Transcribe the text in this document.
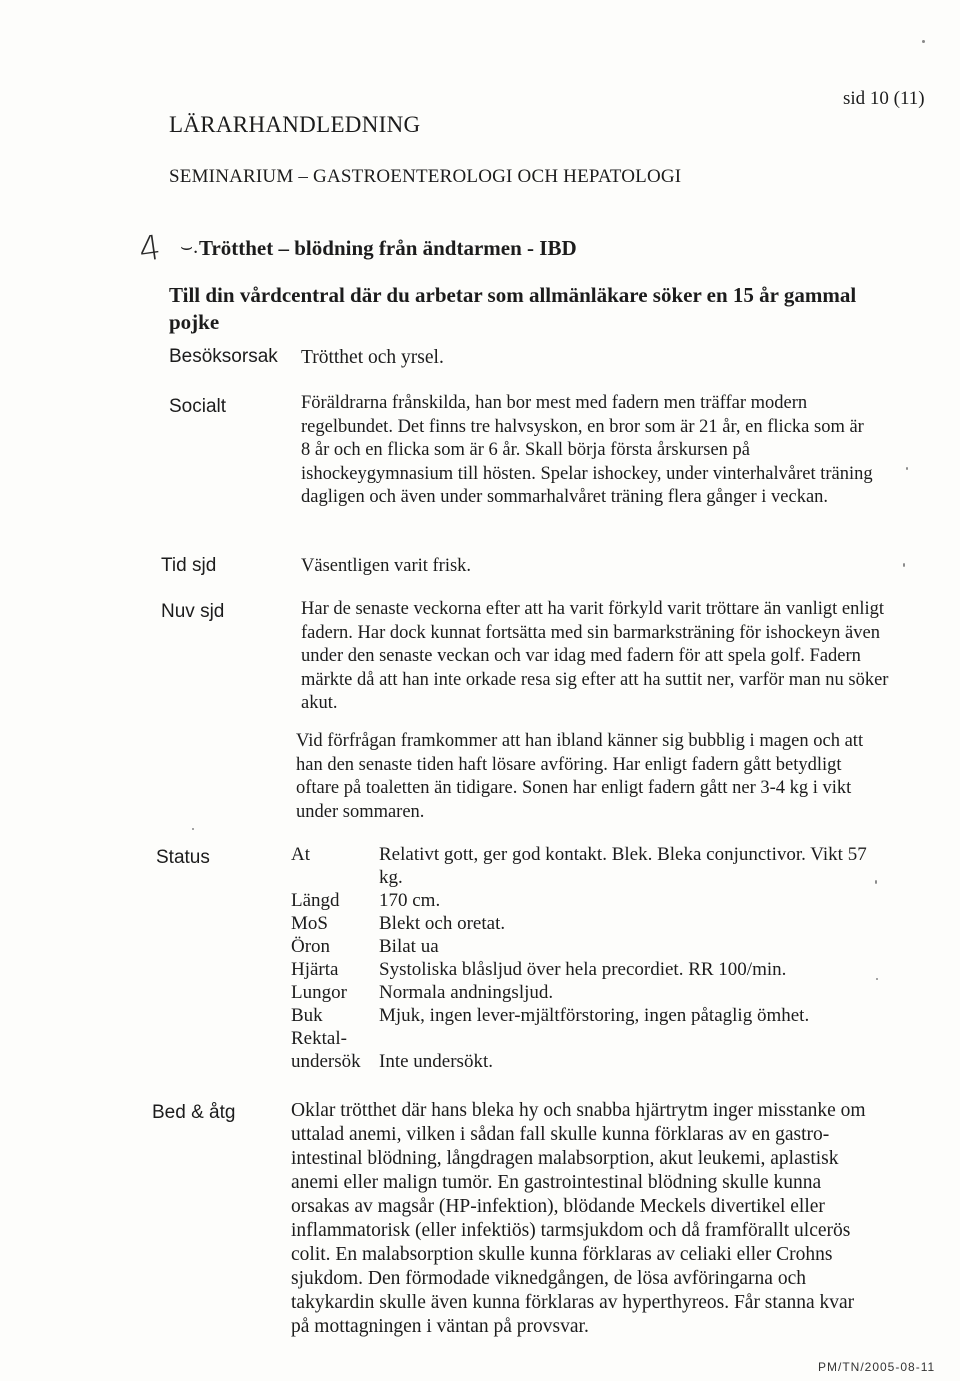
sid 10 (11)
LÄRARHANDLEDNING
SEMINARIUM – GASTROENTEROLOGI OCH HEPATOLOGI
4 ⌣. Trötthet – blödning från ändtarmen - IBD
Till din vårdcentral där du arbetar som allmänläkare söker en 15 år gammal pojke
Besöksorsak Trötthet och yrsel.
Socialt	Föräldrarna frånskilda, han bor mest med fadern men träffar modern regelbundet. Det finns tre halvsyskon, en bror som är 21 år, en flicka som är 8 år och en flicka som är 6 år. Skall börja första årskursen på ishockeygymnasium till hösten. Spelar ishockey, under vinterhalvåret träning dagligen och även under sommarhalvåret träning flera gånger i veckan.
Tid sjd	Väsentligen varit frisk.
Nuv sjd	Har de senaste veckorna efter att ha varit förkyld varit tröttare än vanligt enligt fadern. Har dock kunnat fortsätta med sin barmarksträning för ishockeyn även under den senaste veckan och var idag med fadern för att spela golf. Fadern märkte då att han inte orkade resa sig efter att ha suttit ner, varför man nu söker akut.
Vid förfrågan framkommer att han ibland känner sig bubblig i magen och att han den senaste tiden haft lösare avföring. Har enligt fadern gått betydligt oftare på toaletten än tidigare. Sonen har enligt fadern gått ner 3-4 kg i vikt under sommaren.
Status	At	Relativt gott, ger god kontakt. Blek. Bleka conjunctivor. Vikt 57 kg.
Längd	170 cm.
MoS	Blekt och oretat.
Öron	Bilat ua
Hjärta	Systoliska blåsljud över hela precordiet. RR 100/min.
Lungor	Normala andningsljud.
Buk	Mjuk, ingen lever-mjältförstoring, ingen påtaglig ömhet.
Rektal-	
undersök	Inte undersökt.
Bed & åtg	Oklar trötthet där hans bleka hy och snabba hjärtrytm inger misstanke om uttalad anemi, vilken i sådan fall skulle kunna förklaras av en gastro-intestinal blödning, långdragen malabsorption, akut leukemi, aplastisk anemi eller malign tumör. En gastrointestinal blödning skulle kunna orsakas av magsår (HP-infektion), blödande Meckels divertikel eller inflammatorisk (eller infektiös) tarmsjukdom och då framförallt ulcerös colit. En malabsorption skulle kunna förklaras av celiaki eller Crohns sjukdom. Den förmodade viknedgången, de lösa avföringarna och takykardin skulle även kunna förklaras av hyperthyreos. Får stanna kvar på mottagningen i väntan på provsvar.
PM/TN/2005-08-11
